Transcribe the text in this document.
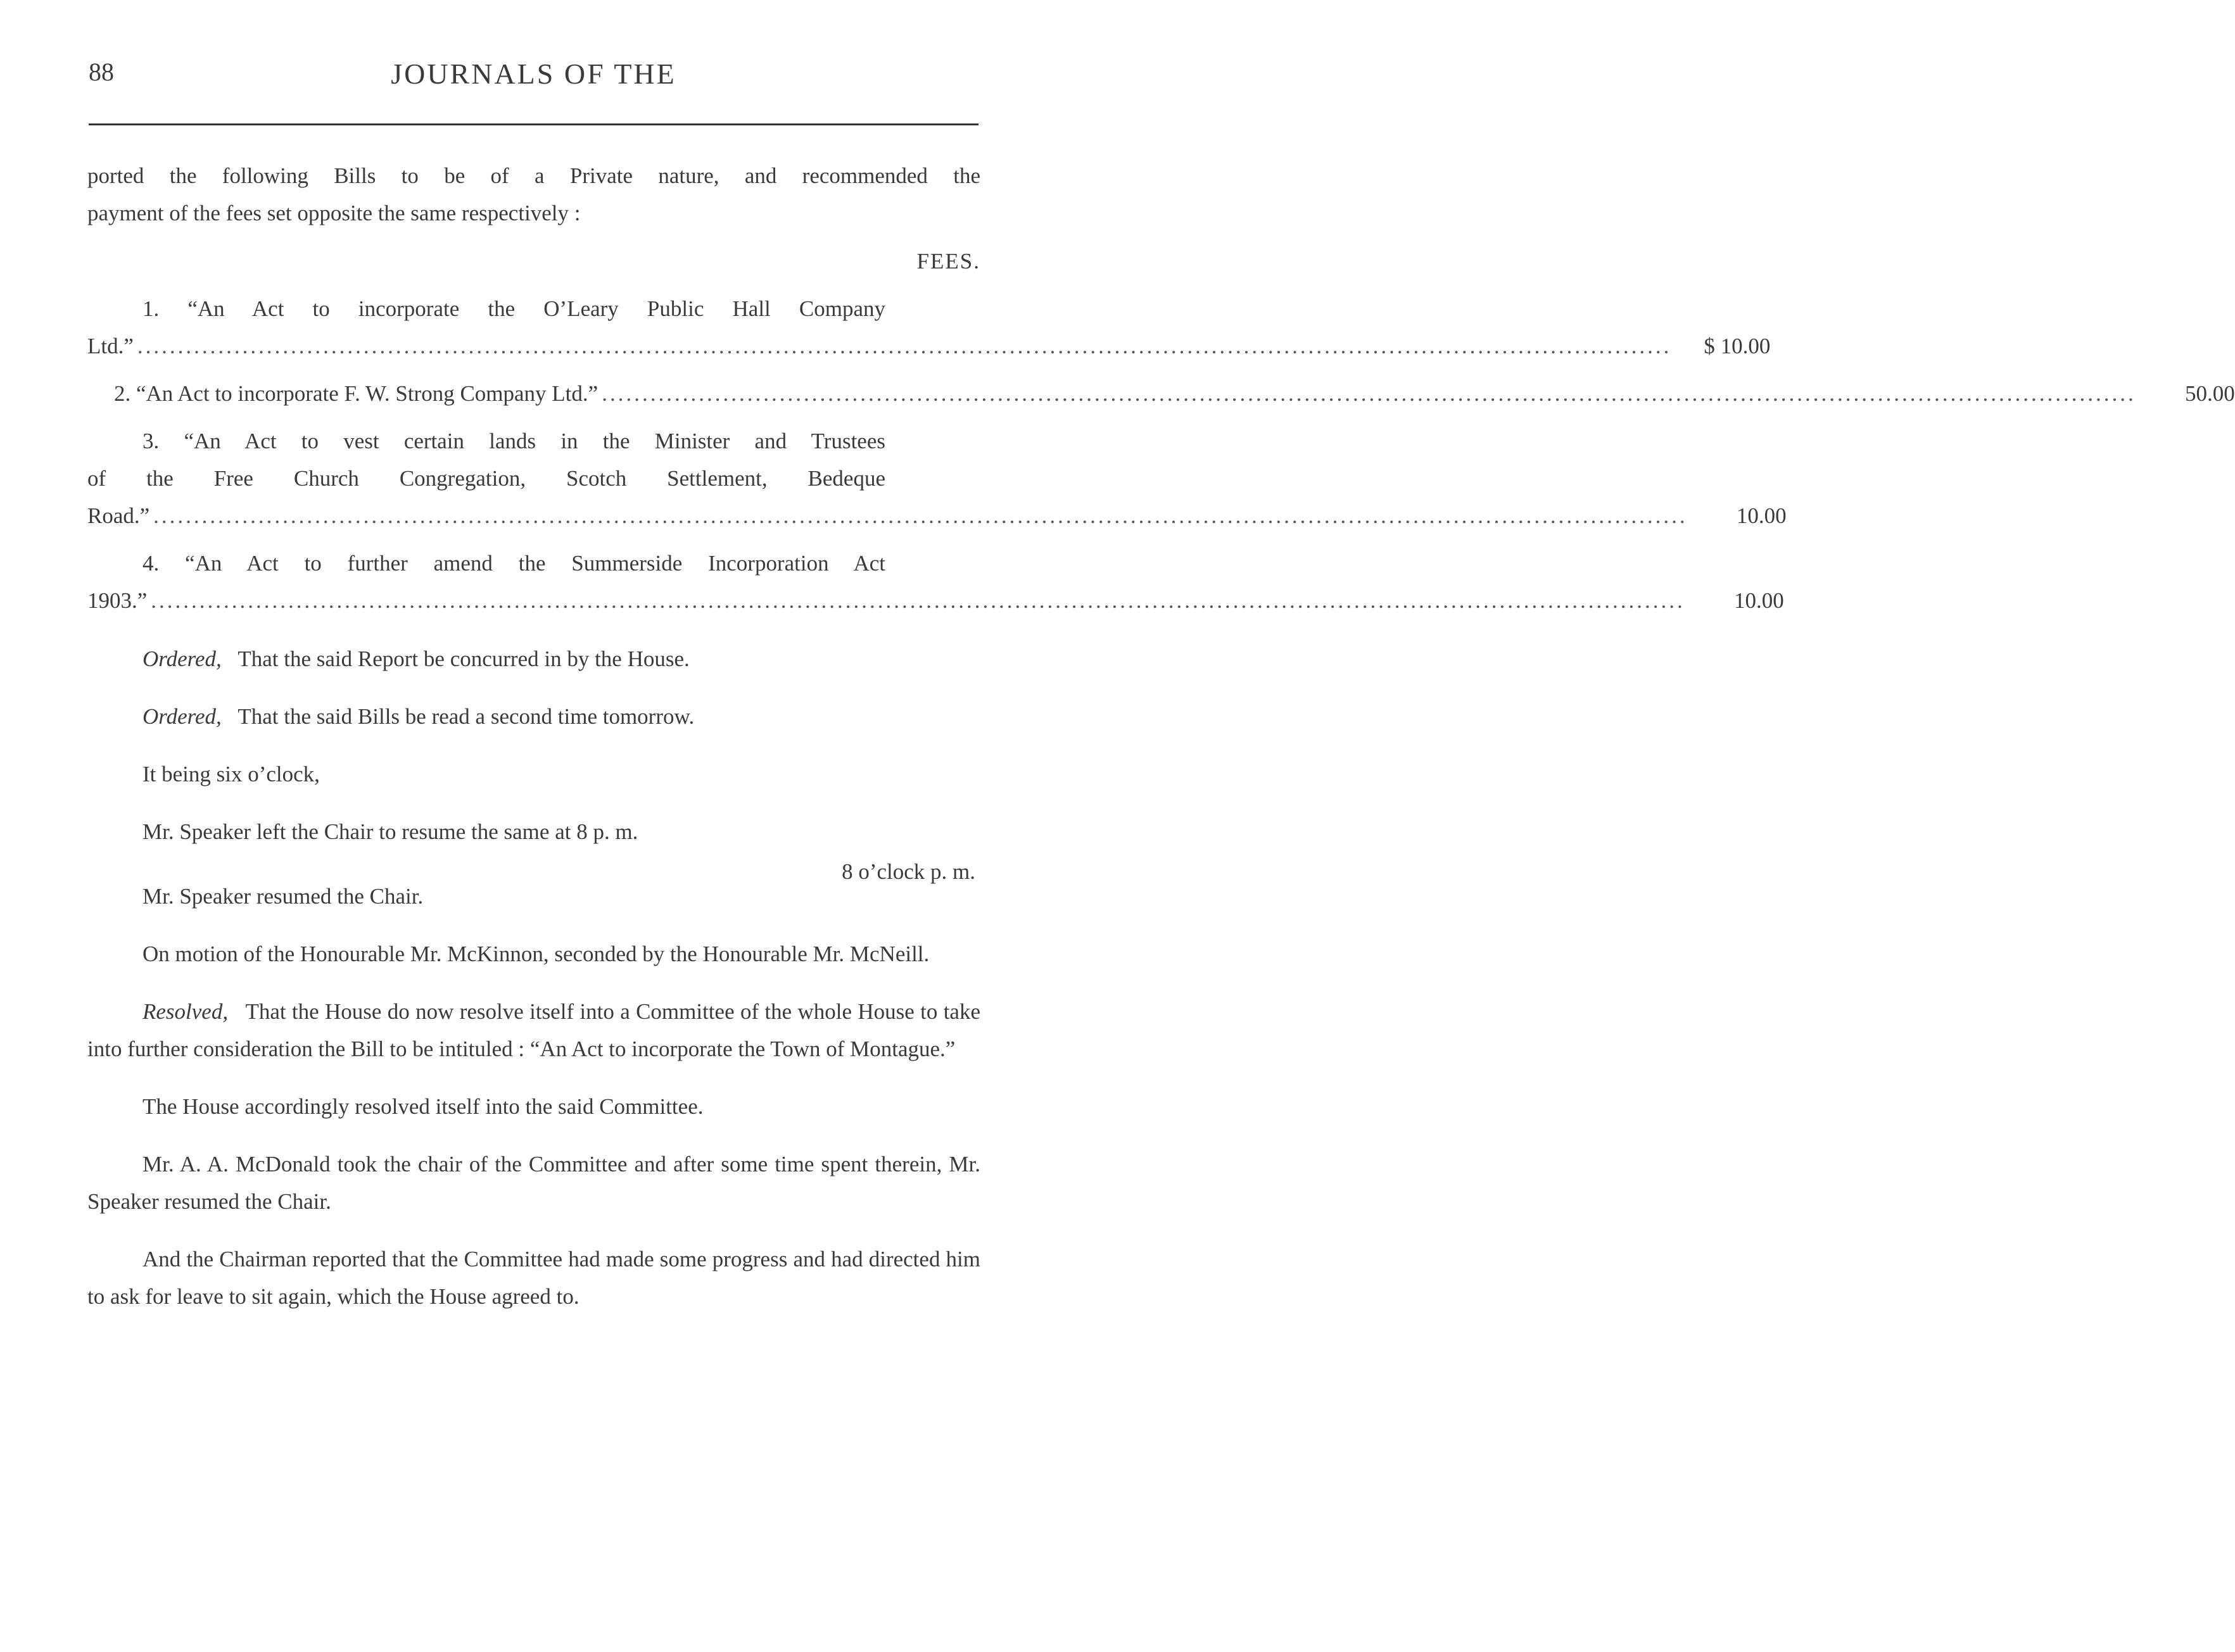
88	JOURNALS OF THE

ported the following Bills to be of a Private nature, and recommended the

payment of the fees set opposite the same respectively :

FEES.

1. “An Act to incorporate the O’Leary Public Hall Company

Ltd.” ..............................................................................................................................................................................................	$ 10.00
2. “An Act to incorporate F. W. Strong Company Ltd.” ..............................................................................................................................................................................................	50.00

3. “An Act to vest certain lands in the Minister and Trustees

of the Free Church Congregation, Scotch Settlement, Bedeque

Road.” ..............................................................................................................................................................................................	10.00

4. “An Act to further amend the Summerside Incorporation Act

1903.” ..............................................................................................................................................................................................	10.00

Ordered, That the said Report be concurred in by the House.

Ordered, That the said Bills be read a second time tomorrow.

It being six o’clock,

Mr. Speaker left the Chair to resume the same at 8 p. m.

8 o’clock p. m.

Mr. Speaker resumed the Chair.

On motion of the Honourable Mr. McKinnon, seconded by the Honourable Mr. McNeill.

Resolved, That the House do now resolve itself into a Committee of the whole House to take into further consideration the Bill to be intituled : “An Act to incorporate the Town of Montague.”

The House accordingly resolved itself into the said Committee.

Mr. A. A. McDonald took the chair of the Committee and after some time spent therein, Mr. Speaker resumed the Chair.

And the Chairman reported that the Committee had made some progress and had directed him to ask for leave to sit again, which the House agreed to.
